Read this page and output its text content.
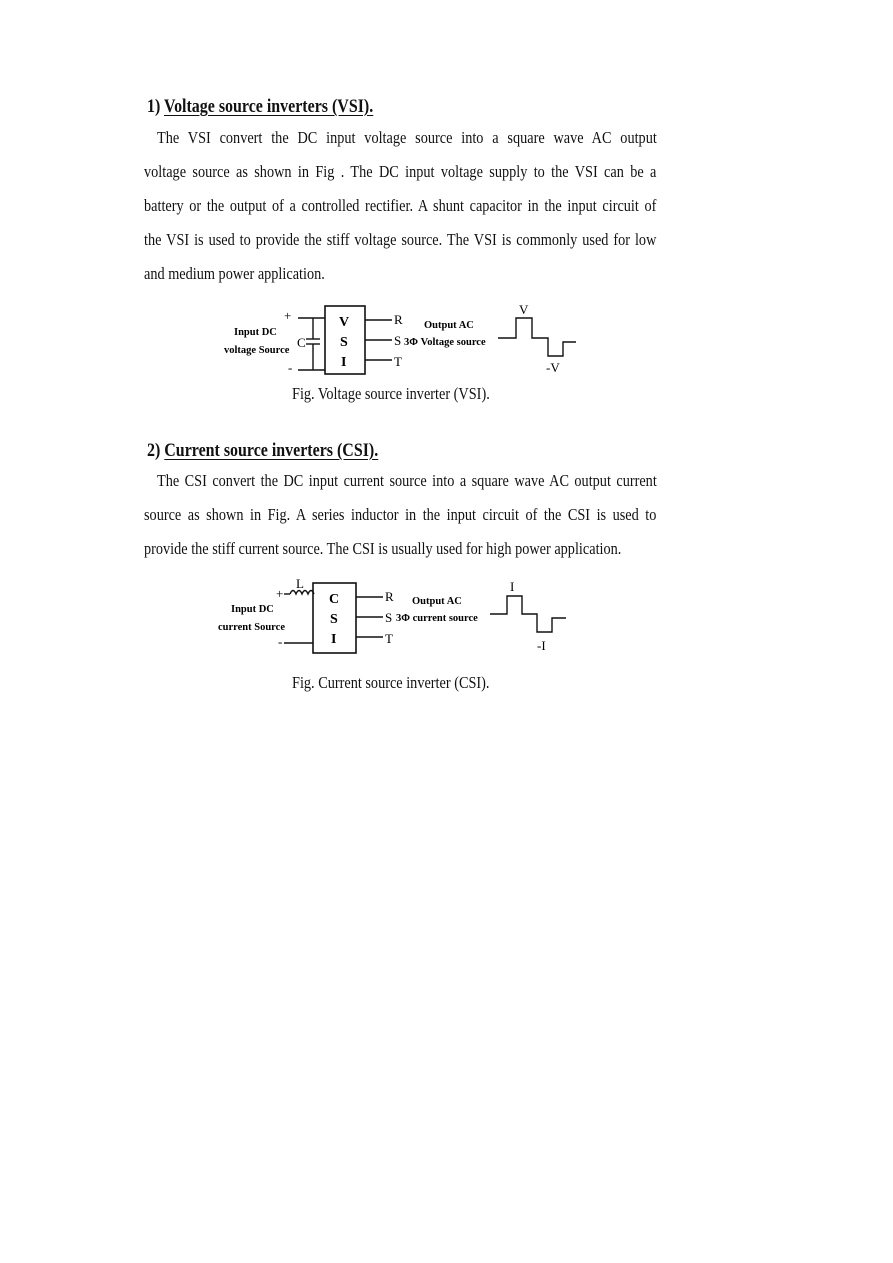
1) Voltage source inverters (VSI).
The VSI convert the DC input voltage source into a square wave AC output
voltage source as shown in Fig . The DC input voltage supply to the VSI can be a
battery or the output of a controlled rectifier. A shunt capacitor in the input circuit of
the VSI is used to provide the stiff voltage source. The VSI is commonly used for low
and medium power application.
+
-
Input DC
voltage Source
C
V
S
I
R
S
T
Output AC
3Φ Voltage source
V
-V
Fig. Voltage source inverter (VSI).
2) Current source inverters (CSI).
The CSI convert the DC input current source into a square wave AC output current
source as shown in Fig. A series inductor in the input circuit of the CSI is used to
provide the stiff current source. The CSI is usually used for high power application.
L
+
-
Input DC
current Source
C
S
I
R
S
T
Output AC
3Φ current source
I
-I
Fig. Current source inverter (CSI).
